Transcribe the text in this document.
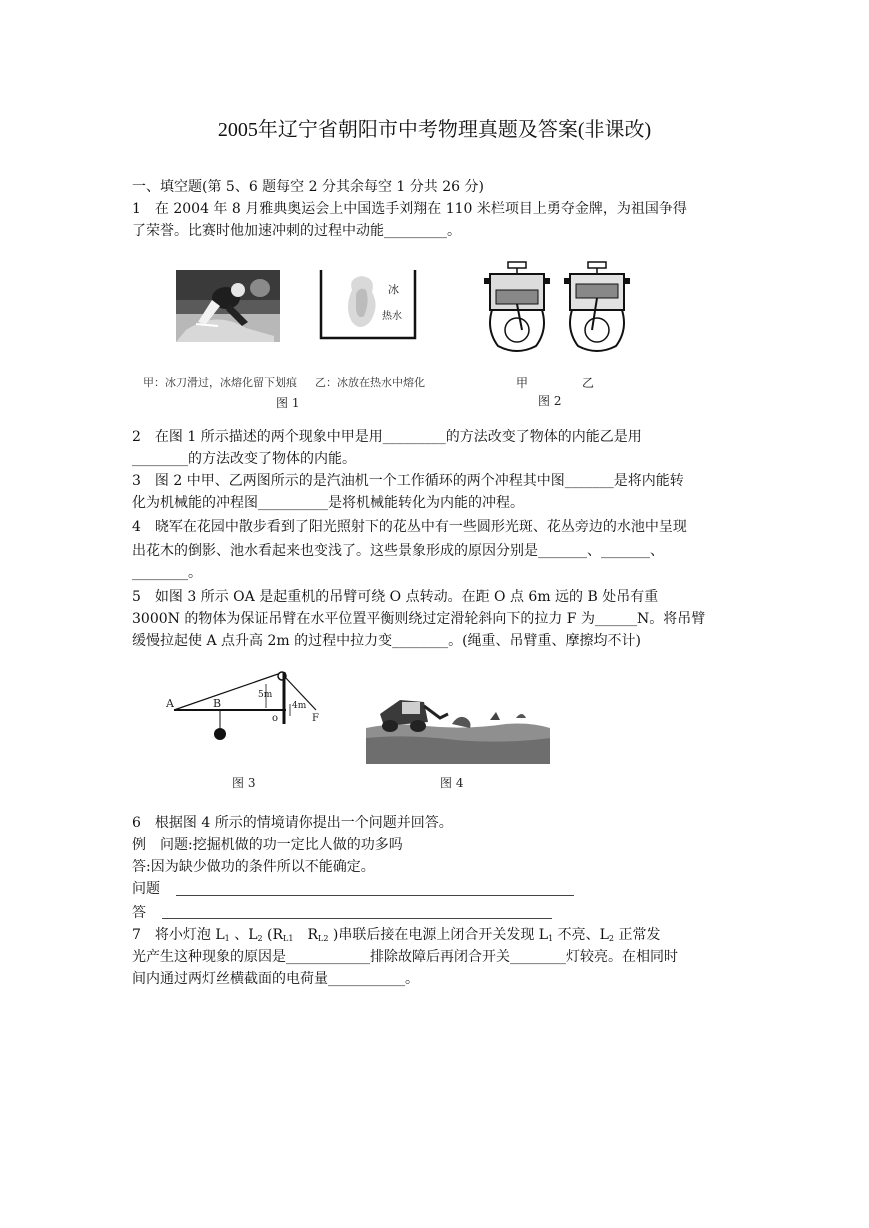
2005年辽宁省朝阳市中考物理真题及答案(非课改)
一、填空题(第 5、6 题每空 2 分其余每空 1 分共 26 分)
1　在 2004 年 8 月雅典奥运会上中国选手刘翔在 110 米栏项目上勇夺金牌，为祖国争得
了荣誉。比赛时他加速冲刺的过程中动能_________。
冰
热水
甲：冰刀滑过，冰熔化留下划痕 乙：冰放在热水中熔化	甲	乙
图 1	图 2
2　在图 1 所示描述的两个现象中甲是用_________的方法改变了物体的内能乙是用
________的方法改变了物体的内能。
3　图 2 中甲、乙两图所示的是汽油机一个工作循环的两个冲程其中图_______是将内能转
化为机械能的冲程图__________是将机械能转化为内能的冲程。
4　晓军在花园中散步看到了阳光照射下的花丛中有一些圆形光斑、花丛旁边的水池中呈现
出花木的倒影、池水看起来也变浅了。这些景象形成的原因分别是_______、_______、
________。
5　如图 3 所示 OA 是起重机的吊臂可绕 O 点转动。在距 O 点 6m 远的 B 处吊有重
3000N 的物体为保证吊臂在水平位置平衡则绕过定滑轮斜向下的拉力 F 为______N。将吊臂
缓慢拉起使 A 点升高 2m 的过程中拉力变________。(绳重、吊臂重、摩擦均不计)
A	B
o	F
5m
4m
图 3	图 4
6　根据图 4 所示的情境请你提出一个问题并回答。
例　问题:挖掘机做的功一定比人做的功多吗
答:因为缺少做功的条件所以不能确定。
问题
答
7　将小灯泡 $L_1$ 、$L_2$ ($R_{L1}$　$R_{L2}$ )串联后接在电源上闭合开关发现 $L_1$ 不亮、$L_2$ 正常发
光产生这种现象的原因是____________排除故障后再闭合开关________灯较亮。在相同时
间内通过两灯丝横截面的电荷量___________。
